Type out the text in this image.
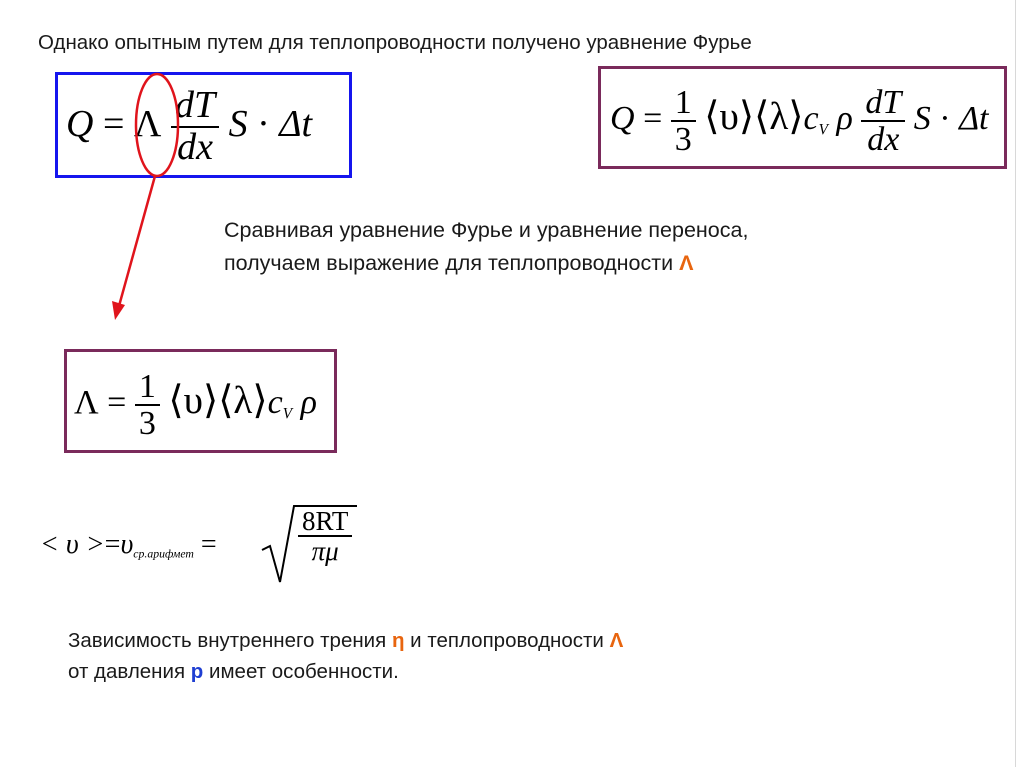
Однако опытным путем для теплопроводности получено уравнение Фурье
Q = Λ $\frac{dT}{dx}$ S · Δt	$Q = \frac{1}{3}$ $⟨\upsilon⟩⟨\lambda⟩c_V$ ρ $\frac{dT}{dx}$ S · Δt
Сравнивая уравнение Фурье и уравнение переноса,
получаем выражение для теплопроводности Λ
$\Lambda = \frac{1}{3}$ $⟨\upsilon⟩⟨\lambda⟩c_V$ ρ
< υ >=υср.арифмет =	$\frac{8RT}{\pi\mu}$
Зависимость внутреннего трения η и теплопроводности Λ
от давления р имеет особенности.
